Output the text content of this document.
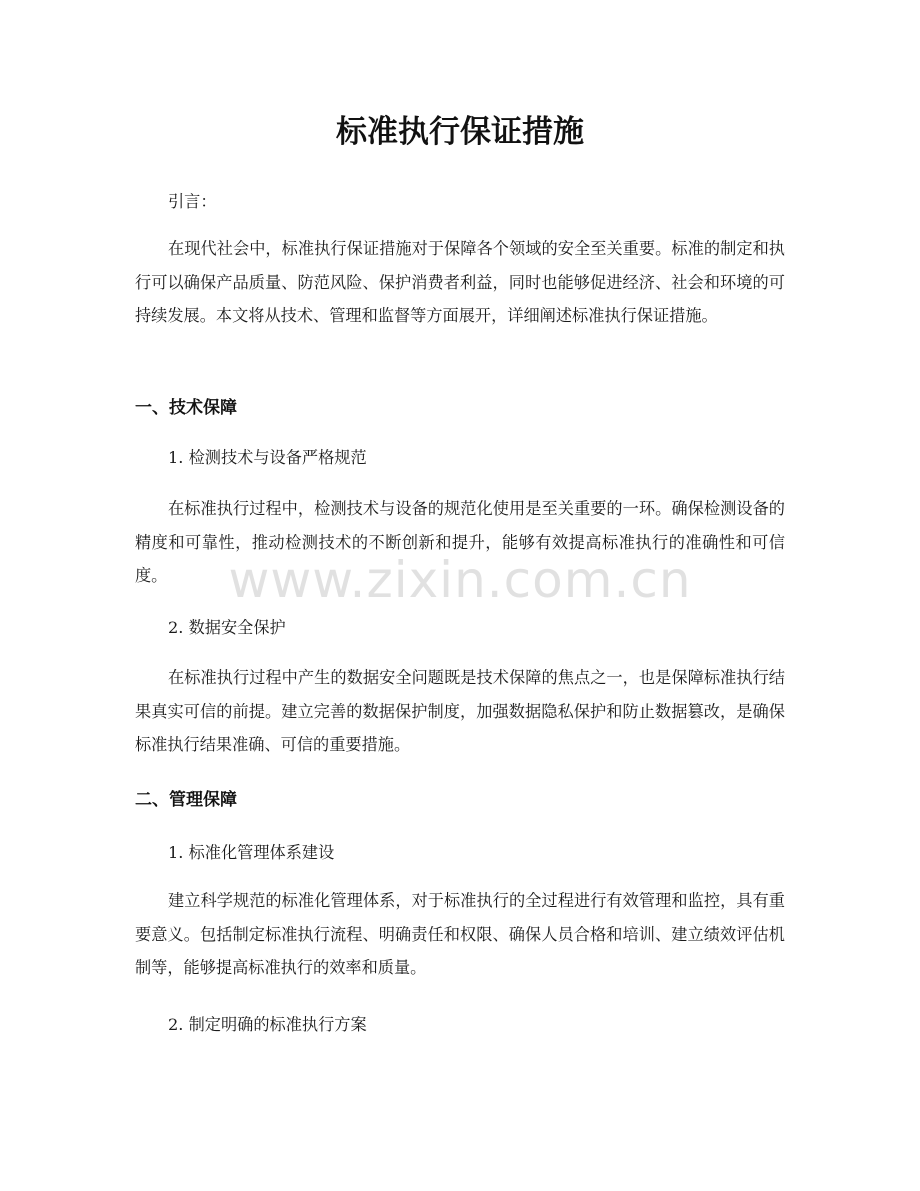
标准执行保证措施

引言：

在现代社会中，标准执行保证措施对于保障各个领域的安全至关重要。标准的制定和执行可以确保产品质量、防范风险、保护消费者利益，同时也能够促进经济、社会和环境的可持续发展。本文将从技术、管理和监督等方面展开，详细阐述标准执行保证措施。

一、技术保障

1. 检测技术与设备严格规范

在标准执行过程中，检测技术与设备的规范化使用是至关重要的一环。确保检测设备的精度和可靠性，推动检测技术的不断创新和提升，能够有效提高标准执行的准确性和可信度。

2. 数据安全保护

在标准执行过程中产生的数据安全问题既是技术保障的焦点之一，也是保障标准执行结果真实可信的前提。建立完善的数据保护制度，加强数据隐私保护和防止数据篡改，是确保标准执行结果准确、可信的重要措施。

二、管理保障

1. 标准化管理体系建设

建立科学规范的标准化管理体系，对于标准执行的全过程进行有效管理和监控，具有重要意义。包括制定标准执行流程、明确责任和权限、确保人员合格和培训、建立绩效评估机制等，能够提高标准执行的效率和质量。

2. 制定明确的标准执行方案

www.zixin.com.cn
